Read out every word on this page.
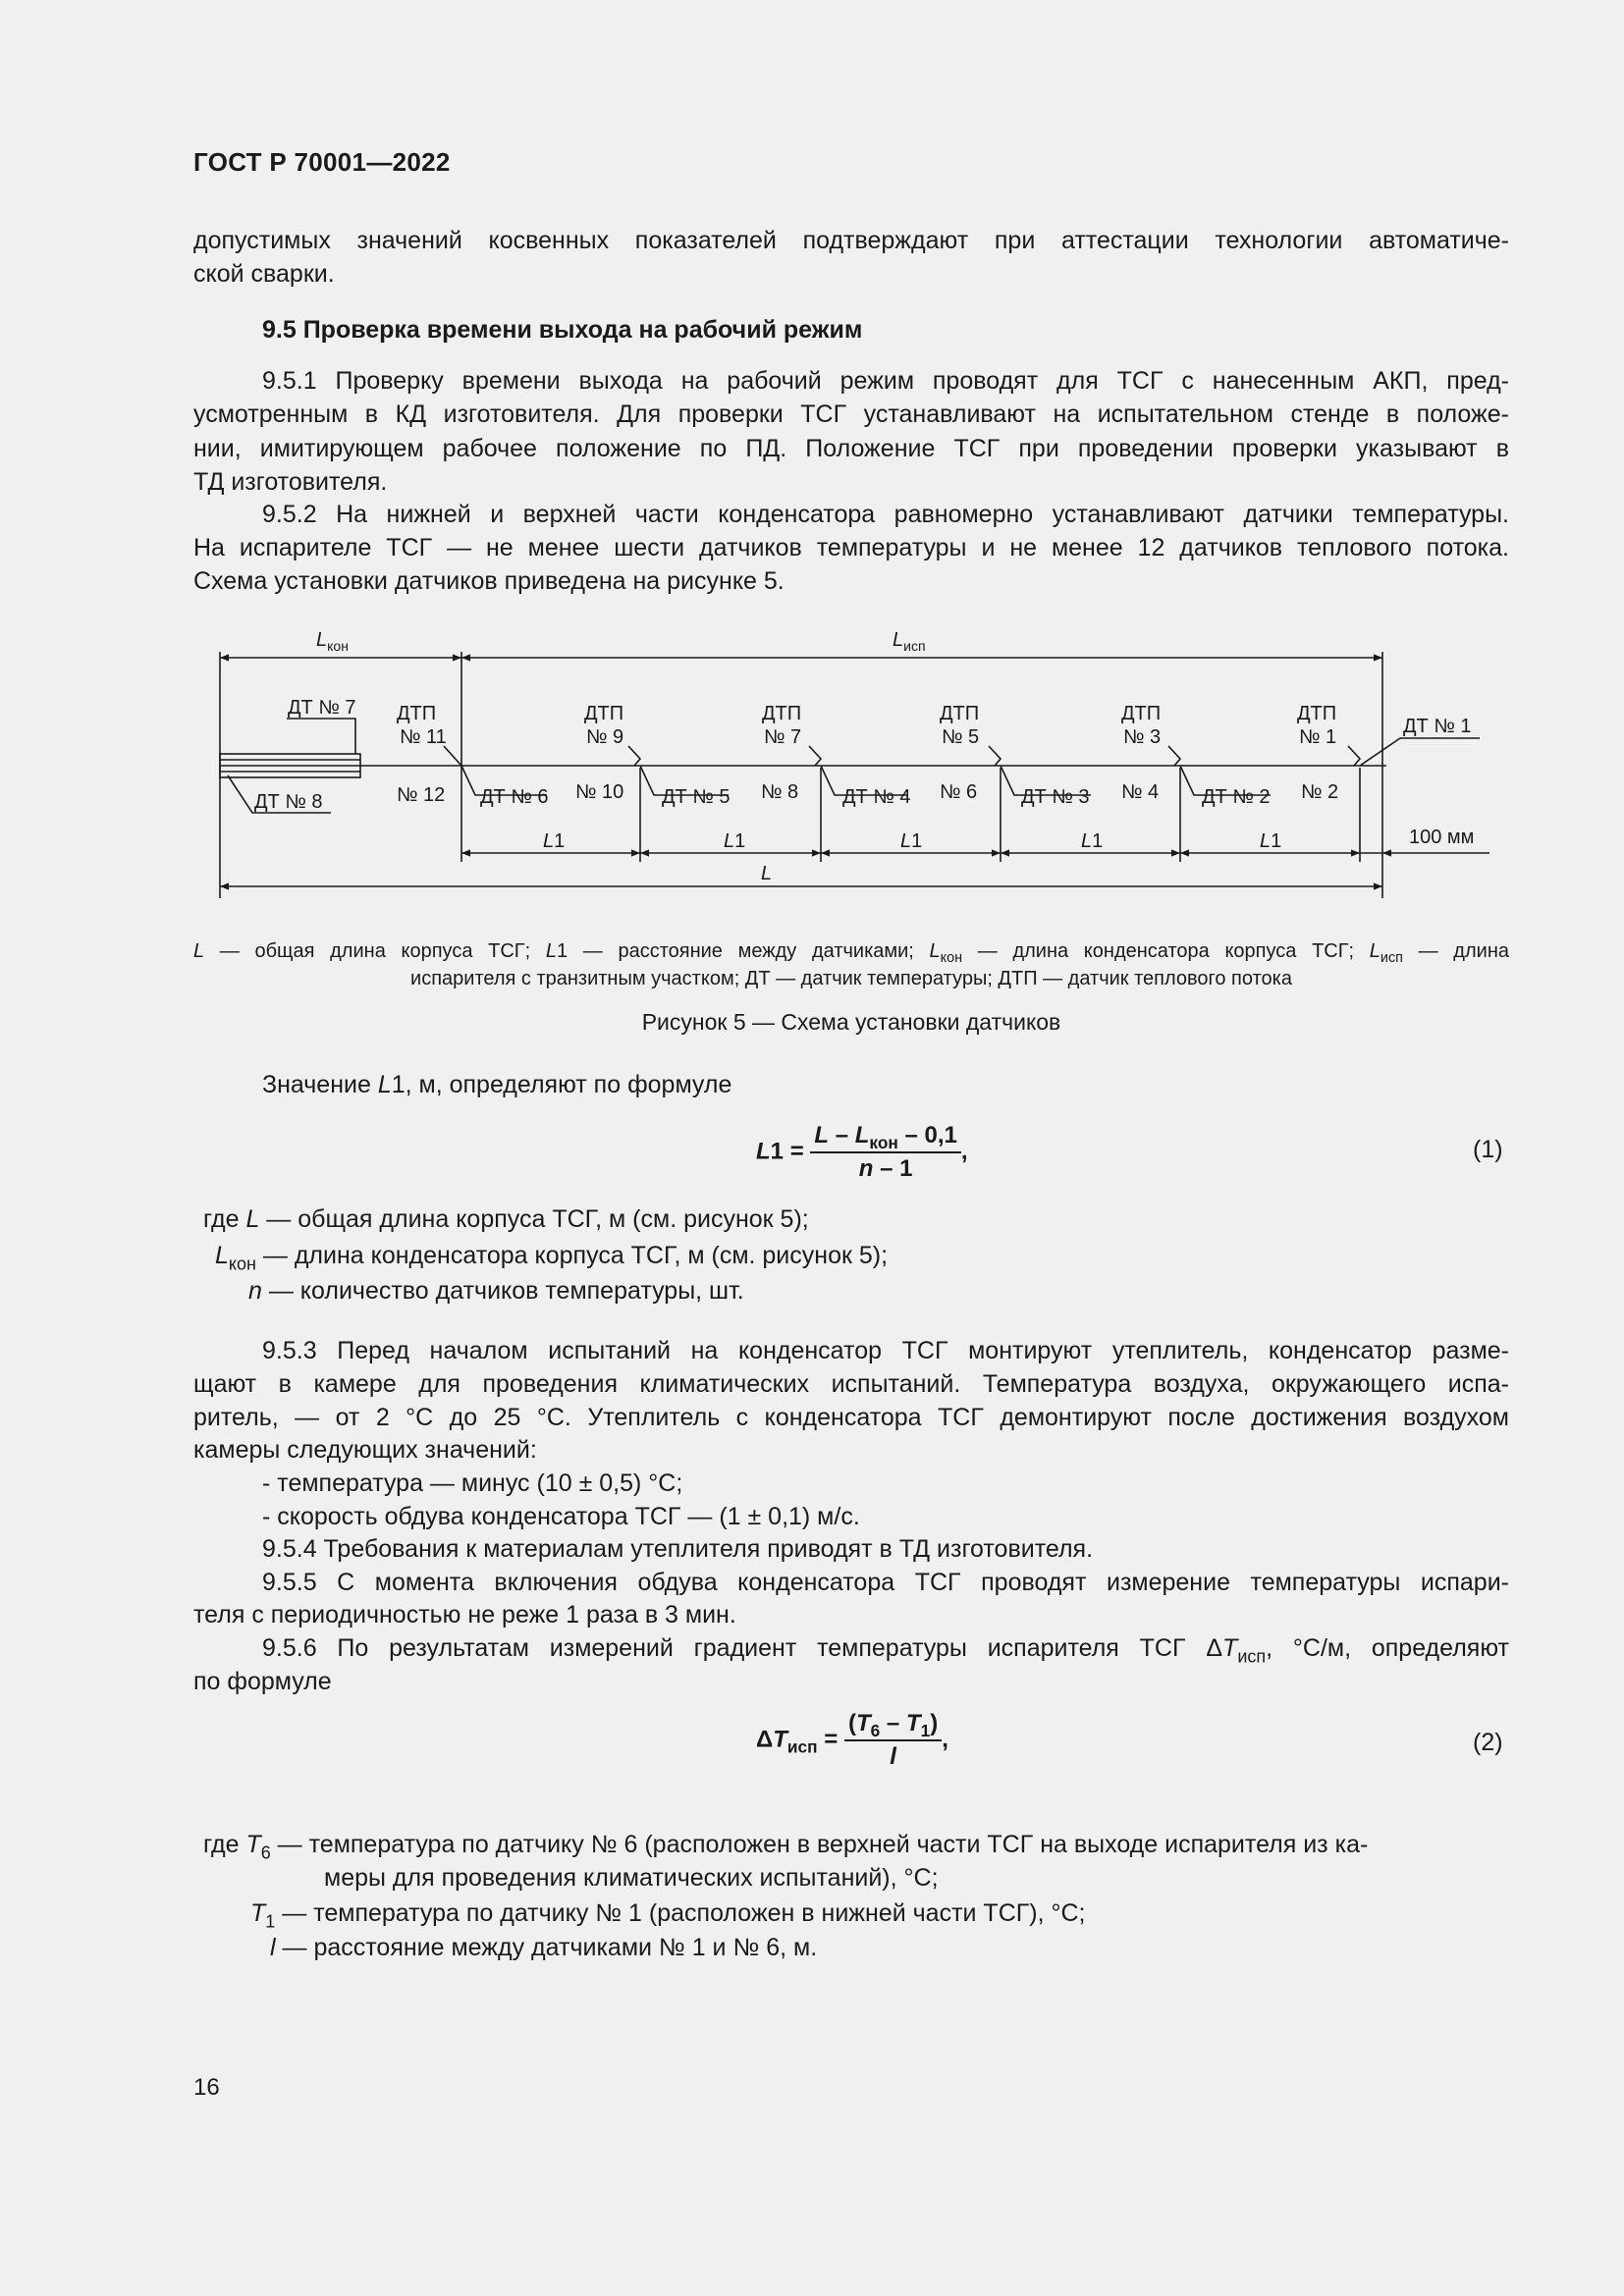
ГОСТ Р 70001—2022
допустимых значений косвенных показателей подтверждают при аттестации технологии автоматиче-
ской сварки.
9.5 Проверка времени выхода на рабочий режим
9.5.1 Проверку времени выхода на рабочий режим проводят для ТСГ с нанесенным АКП, пред-
усмотренным в КД изготовителя. Для проверки ТСГ устанавливают на испытательном стенде в положе-
нии, имитирующем рабочее положение по ПД. Положение ТСГ при проведении проверки указывают в
ТД изготовителя.
9.5.2 На нижней и верхней части конденсатора равномерно устанавливают датчики температуры.
На испарителе ТСГ — не менее шести датчиков температуры и не менее 12 датчиков теплового потока.
Схема установки датчиков приведена на рисунке 5.
$L_{кон}$	$L_{исп}$
ДТ № 7
ДТ № 8
ДТП
№ 11
ДТП
№ 9
ДТП
№ 7
ДТП
№ 5
ДТП
№ 3
ДТП
№ 1	ДТ № 1
№ 12	№ 10	№ 8	№ 6	№ 4	№ 2
ДТ № 6	ДТ № 5	ДТ № 4	ДТ № 3	ДТ № 2
L1	L1	L1	L1	L1	100 мм
L
L — общая длина корпуса ТСГ; L1 — расстояние между датчиками; $L_{кон}$ — длина конденсатора корпуса ТСГ; $L_{исп}$ — длина
испарителя с транзитным участком; ДТ — датчик температуры; ДТП — датчик теплового потока
Рисунок 5 — Схема установки датчиков
Значение L1, м, определяют по формуле
$L1 = \frac{L - L_{кон} - 0,1}{n - 1}$ ,	(1)
где L — общая длина корпуса ТСГ, м (см. рисунок 5);
$L_{кон}$ — длина конденсатора корпуса ТСГ, м (см. рисунок 5);
n — количество датчиков температуры, шт.
9.5.3 Перед началом испытаний на конденсатор ТСГ монтируют утеплитель, конденсатор разме-
щают в камере для проведения климатических испытаний. Температура воздуха, окружающего испа-
ритель, — от 2 °С до 25 °С. Утеплитель с конденсатора ТСГ демонтируют после достижения воздухом
камеры следующих значений:
- температура — минус (10 ± 0,5) °С;
- скорость обдува конденсатора ТСГ — (1 ± 0,1) м/с.
9.5.4 Требования к материалам утеплителя приводят в ТД изготовителя.
9.5.5 С момента включения обдува конденсатора ТСГ проводят измерение температуры испари-
теля с периодичностью не реже 1 раза в 3 мин.
9.5.6 По результатам измерений градиент температуры испарителя ТСГ $\Delta T_{исп}$, °С/м, определяют
по формуле
$\Delta T_{исп} = \frac{(T_6 - T_1)}{l}$ ,	(2)
где $T_6$ — температура по датчику № 6 (расположен в верхней части ТСГ на выходе испарителя из ка-
меры для проведения климатических испытаний), °С;
$T_1$ — температура по датчику № 1 (расположен в нижней части ТСГ), °С;
l — расстояние между датчиками № 1 и № 6, м.
16
